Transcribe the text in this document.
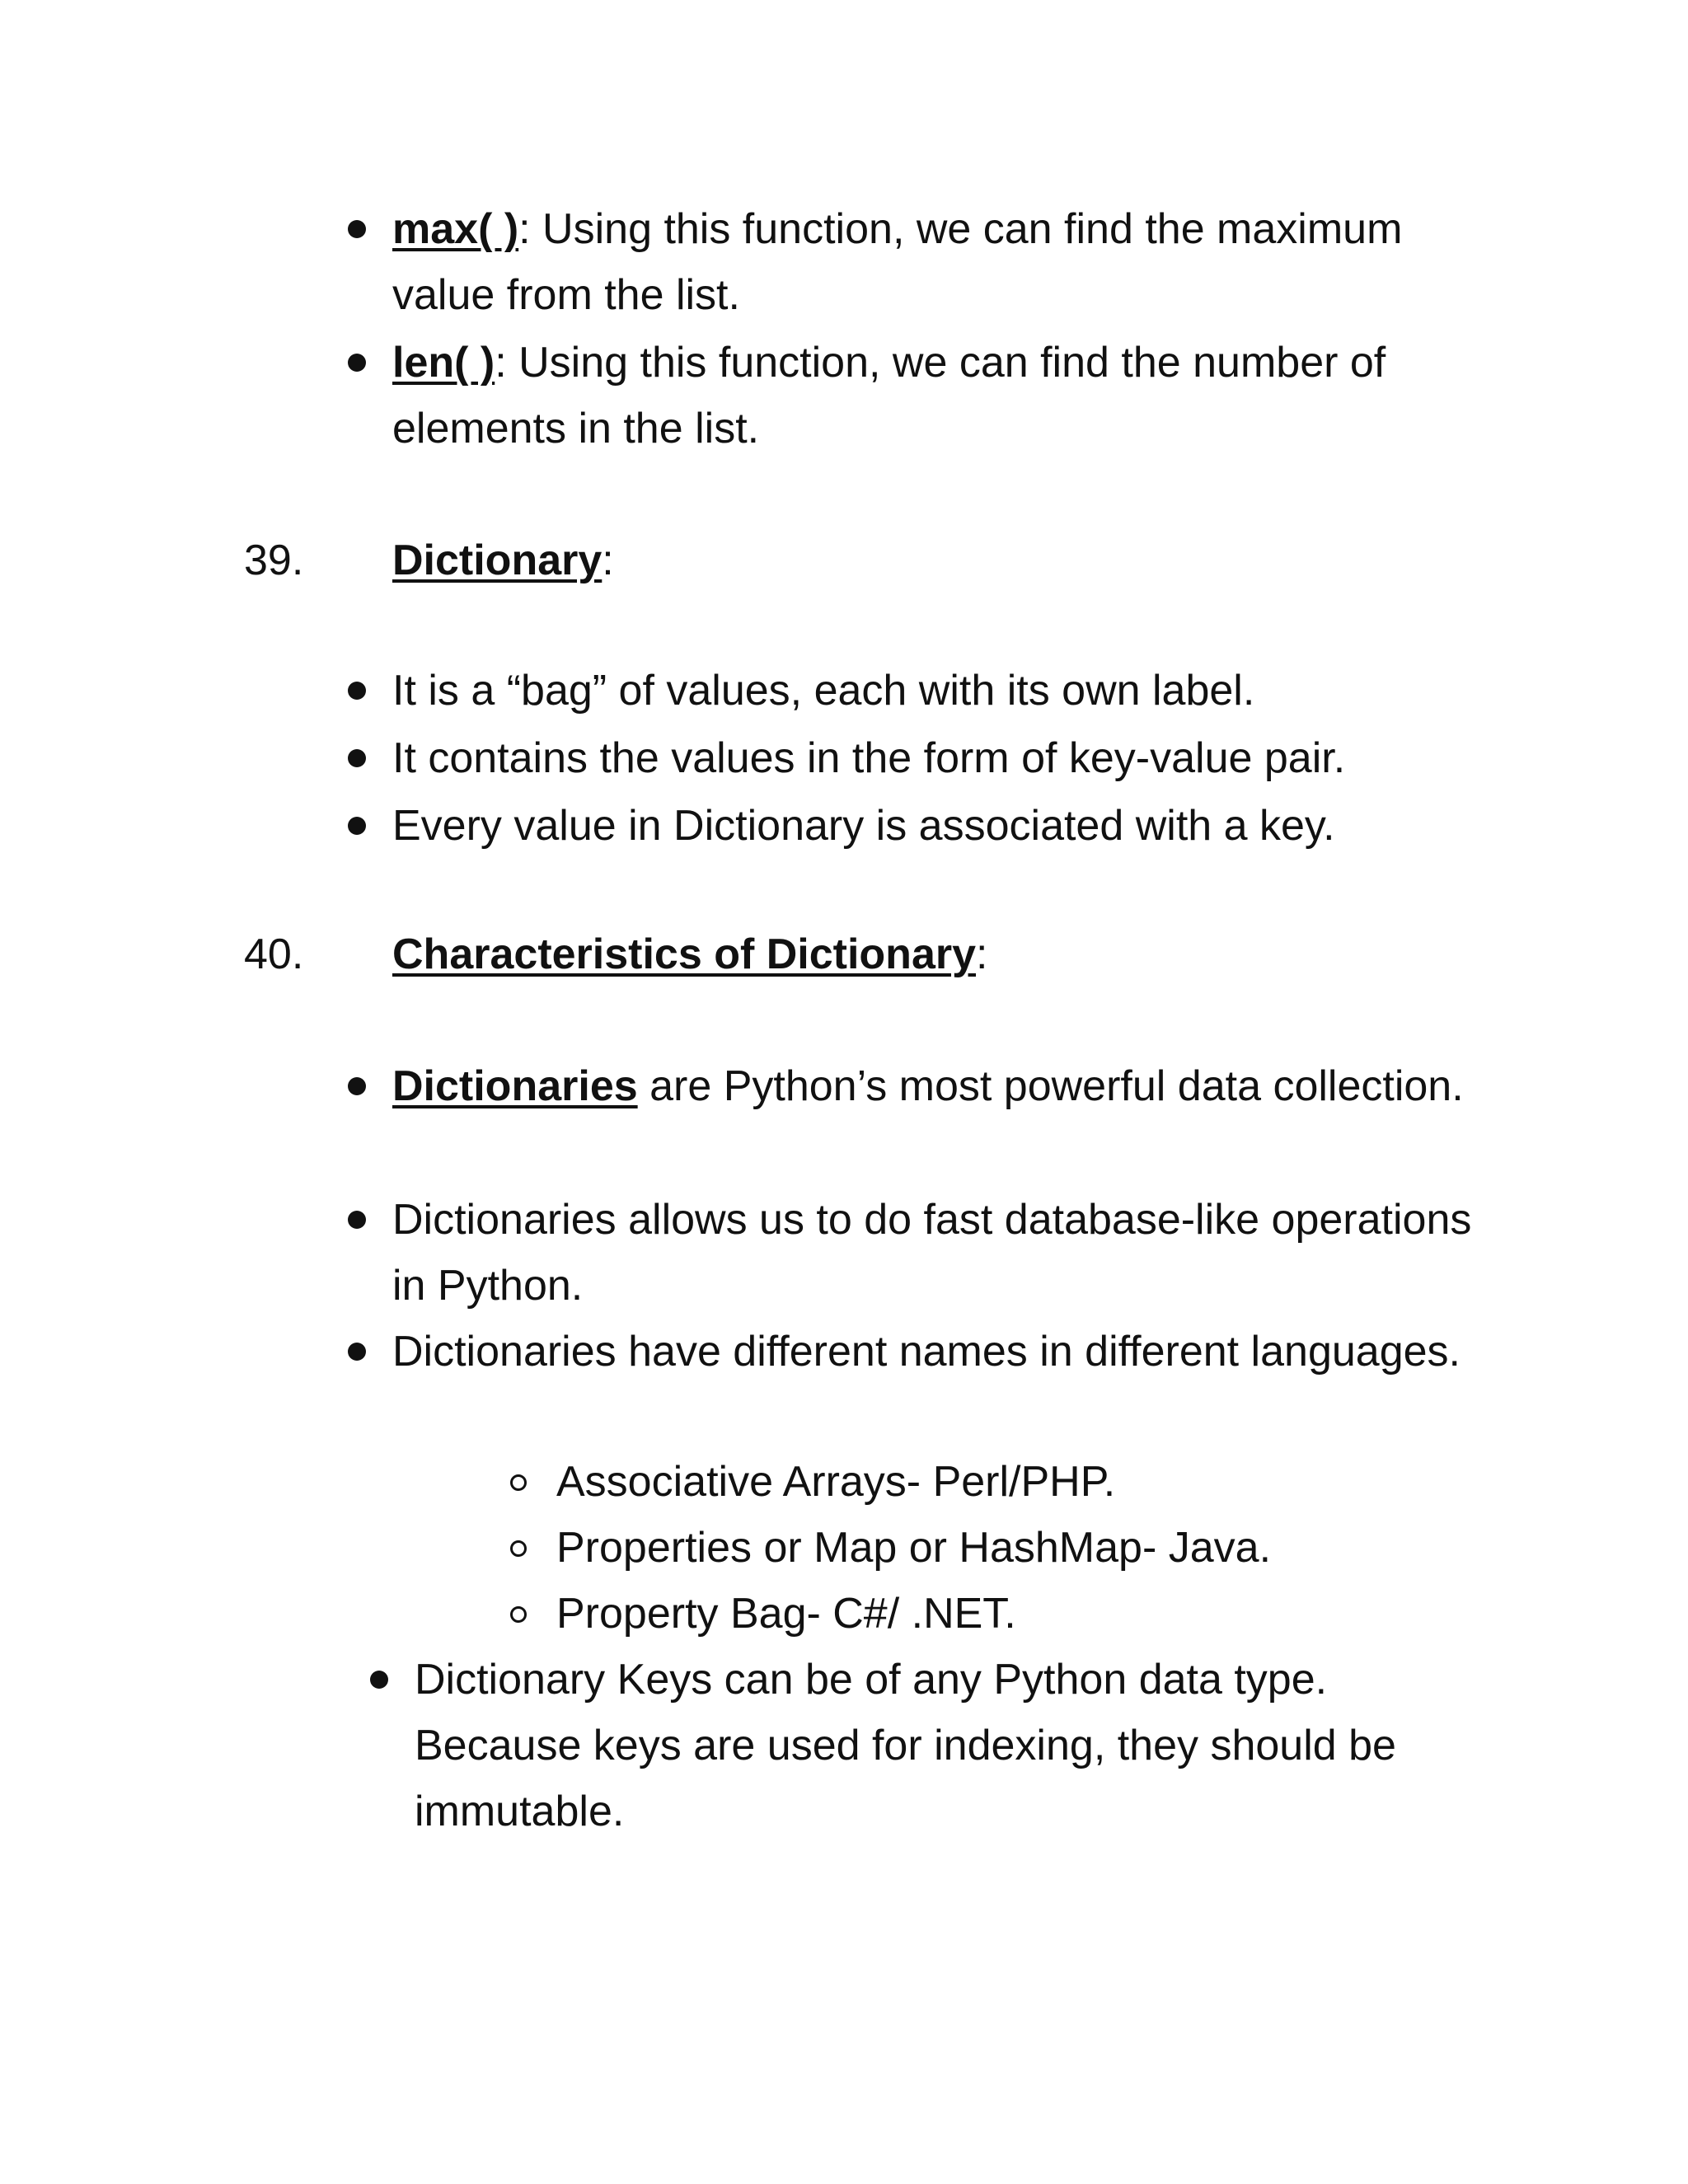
max( ): Using this function, we can find the maximum value from the list.
len( ): Using this function, we can find the number of elements in the list.
39. Dictionary:
It is a “bag” of values, each with its own label.
It contains the values in the form of key-value pair.
Every value in Dictionary is associated with a key.
40. Characteristics of Dictionary:
Dictionaries are Python’s most powerful data collection.
Dictionaries allows us to do fast database-like operations in Python.
Dictionaries have different names in different languages.
Associative Arrays- Perl/PHP.
Properties or Map or HashMap- Java.
Property Bag- C#/ .NET.
Dictionary Keys can be of any Python data type. Because keys are used for indexing, they should be immutable.
